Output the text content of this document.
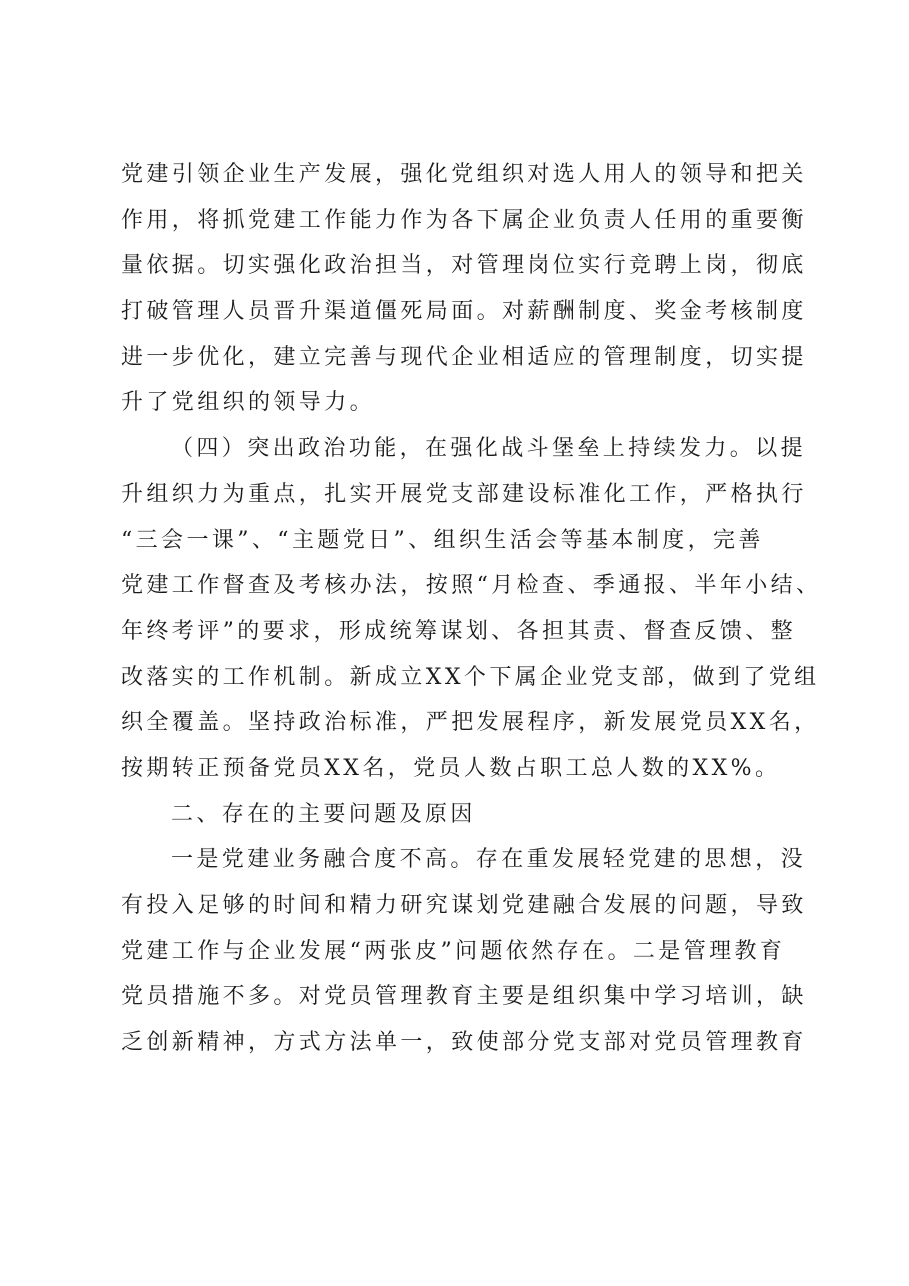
党建引领企业生产发展，强化党组织对选人用人的领导和把关
作用，将抓党建工作能力作为各下属企业负责人任用的重要衡
量依据。切实强化政治担当，对管理岗位实行竞聘上岗，彻底
打破管理人员晋升渠道僵死局面。对薪酬制度、奖金考核制度
进一步优化，建立完善与现代企业相适应的管理制度，切实提
升了党组织的领导力。
（四）突出政治功能，在强化战斗堡垒上持续发力。以提
升组织力为重点，扎实开展党支部建设标准化工作，严格执行
“三会一课”、“主题党日”、组织生活会等基本制度，完善
党建工作督查及考核办法，按照“月检查、季通报、半年小结、
年终考评”的要求，形成统筹谋划、各担其责、督查反馈、整
改落实的工作机制。新成立XX个下属企业党支部，做到了党组
织全覆盖。坚持政治标准，严把发展程序，新发展党员XX名，
按期转正预备党员XX名，党员人数占职工总人数的XX%。
二、存在的主要问题及原因
一是党建业务融合度不高。存在重发展轻党建的思想，没
有投入足够的时间和精力研究谋划党建融合发展的问题，导致
党建工作与企业发展“两张皮”问题依然存在。二是管理教育
党员措施不多。对党员管理教育主要是组织集中学习培训，缺
乏创新精神，方式方法单一，致使部分党支部对党员管理教育
